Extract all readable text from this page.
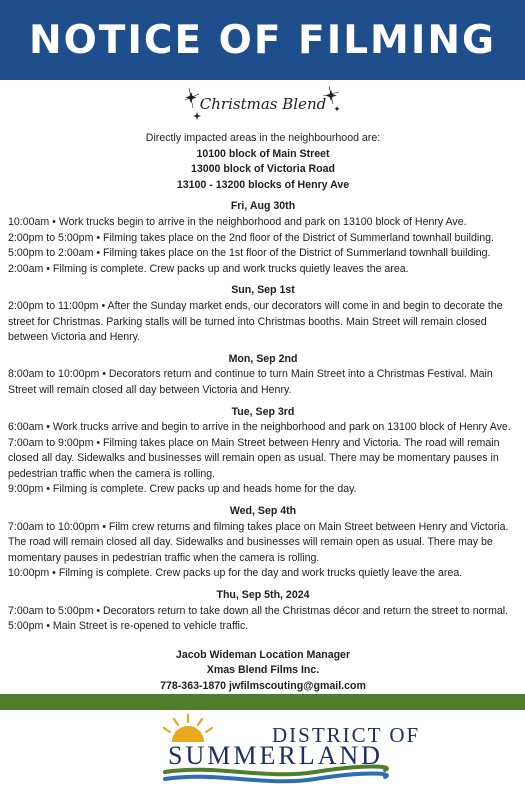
NOTICE OF FILMING
Christmas Blend
Directly impacted areas in the neighbourhood are:
10100 block of Main Street
13000 block of Victoria Road
13100 - 13200 blocks of Henry Ave
Fri, Aug 30th

10:00am • Work trucks begin to arrive in the neighborhood and park on 13100 block of Henry Ave.

2:00pm to 5:00pm • Filming takes place on the 2nd floor of the District of Summerland townhall building.

5:00pm to 2:00am • Filming takes place on the 1st floor of the District of Summerland townhall building.

2:00am • Filming is complete. Crew packs up and work trucks quietly leaves the area.

Sun, Sep 1st

2:00pm to 11:00pm • After the Sunday market ends, our decorators will come in and begin to decorate the street for Christmas. Parking stalls will be turned into Christmas booths. Main Street will remain closed between Victoria and Henry.

Mon, Sep 2nd

8:00am to 10:00pm • Decorators return and continue to turn Main Street into a Christmas Festival. Main Street will remain closed all day between Victoria and Henry.

Tue, Sep 3rd

6:00am • Work trucks arrive and begin to arrive in the neighborhood and park on 13100 block of Henry Ave.

7:00am to 9:00pm • Filming takes place on Main Street between Henry and Victoria. The road will remain closed all day. Sidewalks and businesses will remain open as usual. There may be momentary pauses in pedestrian traffic when the camera is rolling.

9:00pm • Filming is complete. Crew packs up and heads home for the day.

Wed, Sep 4th

7:00am to 10:00pm • Film crew returns and filming takes place on Main Street between Henry and Victoria. The road will remain closed all day. Sidewalks and businesses will remain open as usual. There may be momentary pauses in pedestrian traffic when the camera is rolling.

10:00pm • Filming is complete. Crew packs up for the day and work trucks quietly leave the area.

Thu, Sep 5th, 2024

7:00am to 5:00pm • Decorators return to take down all the Christmas décor and return the street to normal.

5:00pm • Main Street is re-opened to vehicle traffic.

Jacob Wideman Location Manager
Xmas Blend Films Inc.
778-363-1870 jwfilmscouting@gmail.com
DISTRICT OF
SUMMERLAND
